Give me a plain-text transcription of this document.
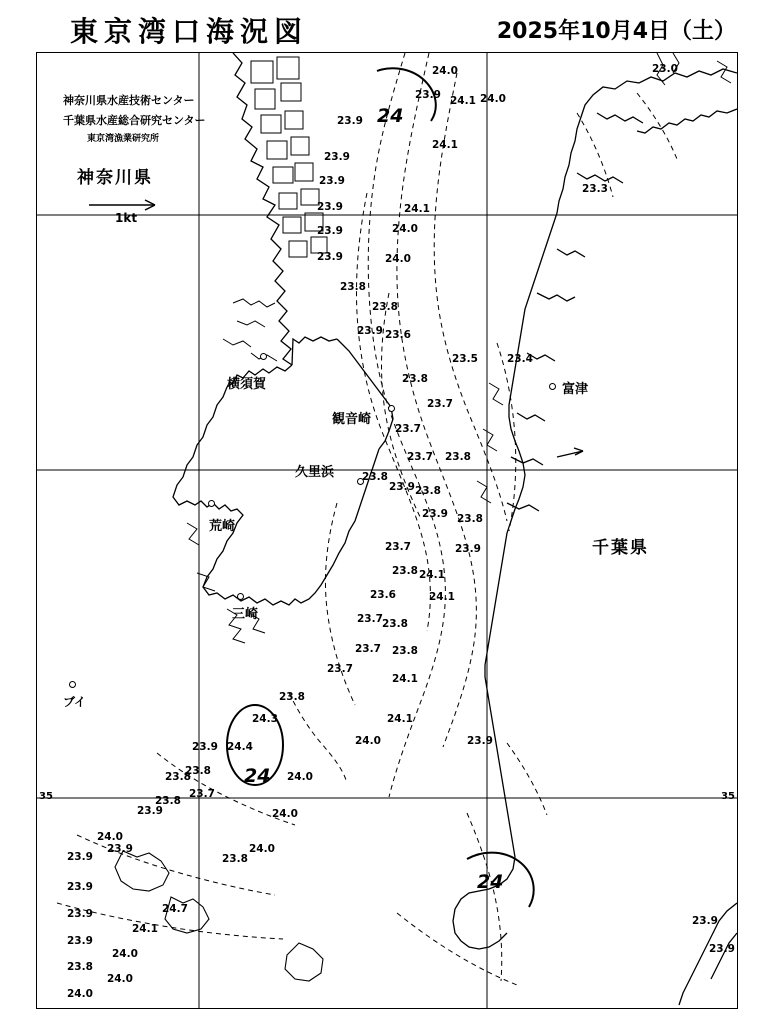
東京湾口海況図	2025年10月4日（土）
神奈川県水産技術センター
千葉県水産総合研究センター
東京湾漁業研究所
神奈川県
千葉県
1kt
横須賀
観音崎
久里浜
荒崎
三崎
富津
ブイ
24
24
24
35	35
23.0
24.0
23.9 24.1 24.0
23.9
24.1
23.3
23.9
23.9
24.1
23.9
24.0
23.9
23.9	24.0
23.8
23.8
23.9 23.6
23.5	23.4
23.8
23.7
23.7
23.7 23.8
23.8
23.9 23.8
23.9 23.8
23.7	23.9
23.8 24.1
23.6	24.1
23.7 23.8
23.7 23.8
23.7
24.1
23.8
24.1
24.0	23.9
24.3
24.4
23.9
23.8
23.8
23.7
23.8
23.9
24.0
24.0
24.0
23.9
23.9	23.8
24.0
23.9
24.7
23.9
24.1
23.9
24.0
23.8
24.0
24.0
23.9
23.9
